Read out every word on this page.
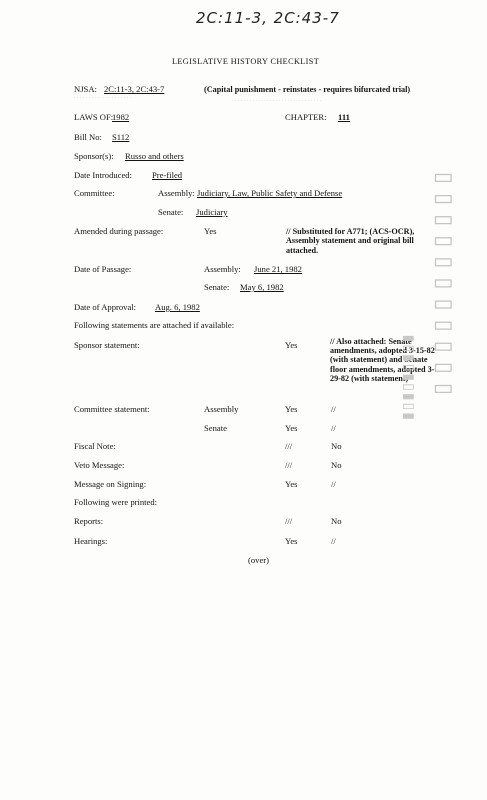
2C:11-3, 2C:43-7
LEGISLATIVE HISTORY CHECKLIST
NJSA: 2C:11-3, 2C:43-7	(Capital punishment - reinstates - requires bifurcated trial)
· · · · · · · · · · · · · · · · · · · ·
· · · · · · · · · · · · · · · · · · · · · · · · · · · · · · ·
LAWS OF:
1982	CHAPTER: 111
Bill No: S112
Sponsor(s): Russo and others
Date Introduced: Pre-filed
Committee:	Assembly: Judiciary, Law, Public Safety and Defense
Senate: Judiciary
Amended during passage:	Yes	// Substituted for A771; (ACS-OCR), Assembly statement and original bill attached.
Date of Passage:	Assembly: June 21, 1982
Senate: May 6, 1982
Date of Approval: Aug. 6, 1982
Following statements are attached if available:
Sponsor statement:	Yes	// Also attached: Senate amendments, adopted 3-15-82 (with statement) and Senate floor amendments, adopted 3-29-82 (with statement)
Committee statement:	Assembly	Yes	//
Senate	Yes	//
Fiscal Note:	///	No
Veto Message:	///	No
Message on Signing:	Yes	//
Following were printed:
Reports:	///	No
Hearings:	Yes	//
(over)
▯ ▯ ▯ ▯ ▯ ▯ ▯ ▯ ▯ ▯ ▯
▮▯▮▯▮▯▮▯▮
